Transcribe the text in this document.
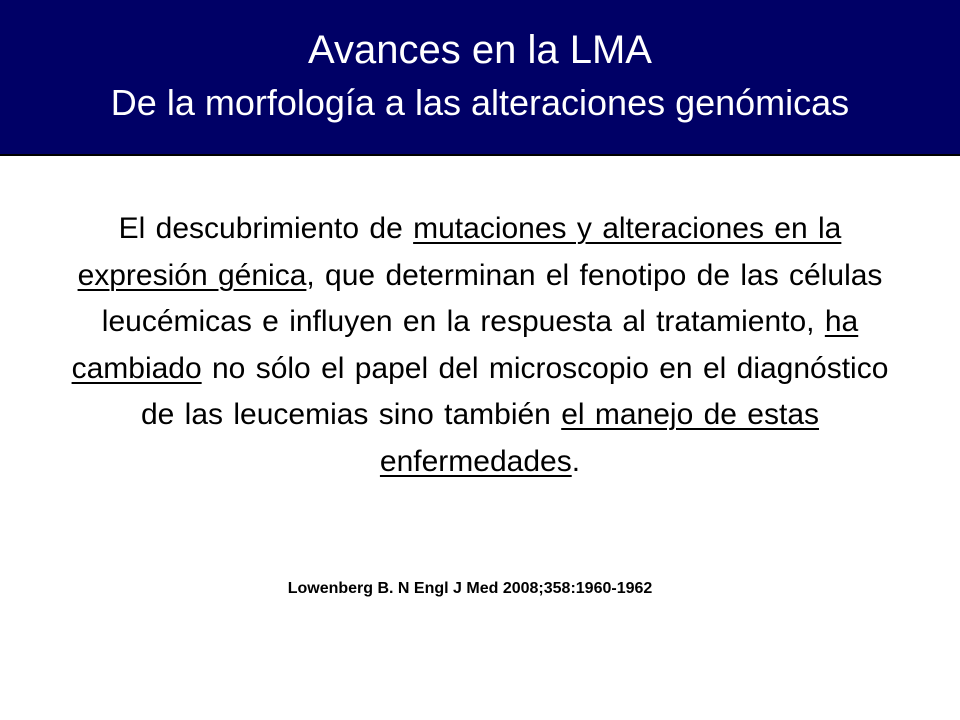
Avances en la LMA
De la morfología a las alteraciones genómicas
El descubrimiento de mutaciones y alteraciones en la expresión génica, que determinan el fenotipo de las células leucémicas e influyen en la respuesta al tratamiento, ha cambiado no sólo el papel del microscopio en el diagnóstico de las leucemias sino también el manejo de estas enfermedades.
Lowenberg B. N Engl J Med 2008;358:1960-1962
